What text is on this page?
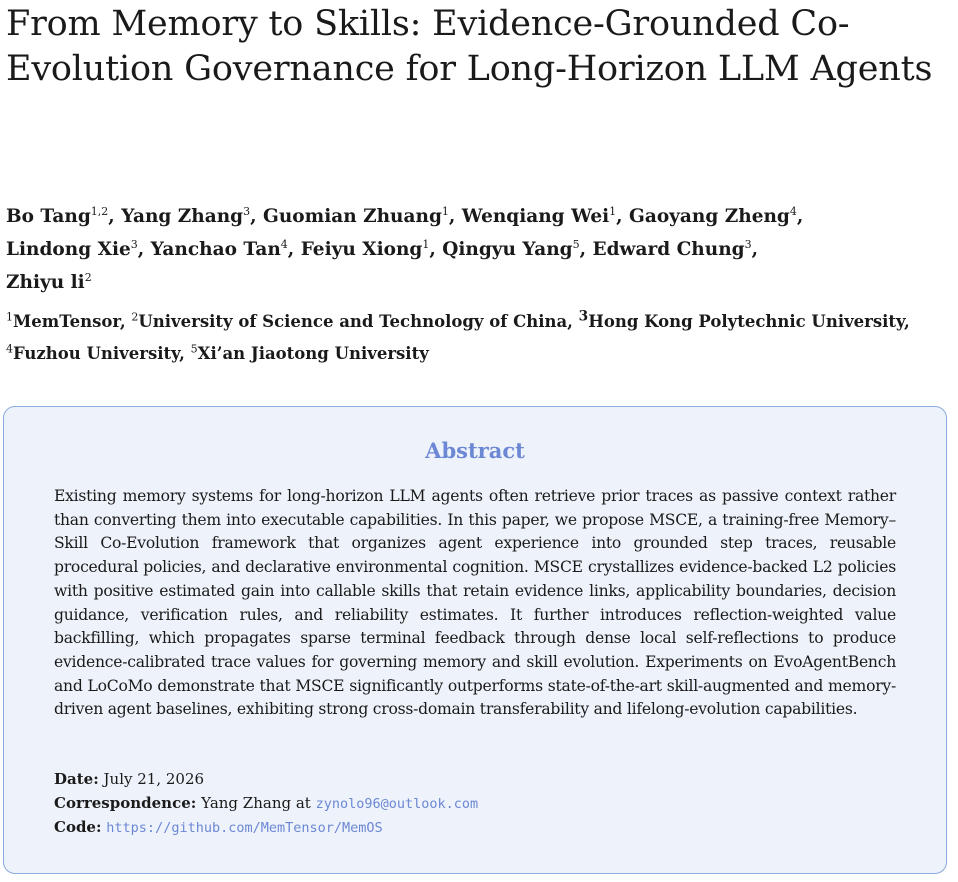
From Memory to Skills: Evidence-Grounded Co-Evolution Governance for Long-Horizon LLM Agents
Bo Tang$^{1,2}$, Yang Zhang$^3$, Guomian Zhuang$^1$, Wenqiang Wei$^1$, Gaoyang Zheng$^4$,
Lindong Xie$^3$, Yanchao Tan$^4$, Feiyu Xiong$^1$, Qingyu Yang$^5$, Edward Chung$^3$,
Zhiyu $li^2$
$^1$MemTensor, $^2$University of Science and Technology of China, $^3$Hong Kong Polytechnic University, $^4$Fuzhou University, $^5$Xi’an Jiaotong University
Abstract

Existing memory systems for long-horizon LLM agents often retrieve prior traces as passive context rather than converting them into executable capabilities. In this paper, we propose MSCE, a training-free Memory–Skill Co-Evolution framework that organizes agent experience into grounded step traces, reusable procedural policies, and declarative environmental cognition. MSCE crystallizes evidence-backed L2 policies with positive estimated gain into callable skills that retain evidence links, applicability boundaries, decision guidance, verification rules, and reliability estimates. It further introduces reflection-weighted value backfilling, which propagates sparse terminal feedback through dense local self-reflections to produce evidence-calibrated trace values for governing memory and skill evolution. Experiments on EvoAgentBench and LoCoMo demonstrate that MSCE significantly outperforms state-of-the-art skill-augmented and memory-driven agent baselines, exhibiting strong cross-domain transferability and lifelong-evolution capabilities.

Date: July 21, 2026
Correspondence: Yang Zhang at zynolo96@outlook.com
Code: https://github.com/MemTensor/MemOS
